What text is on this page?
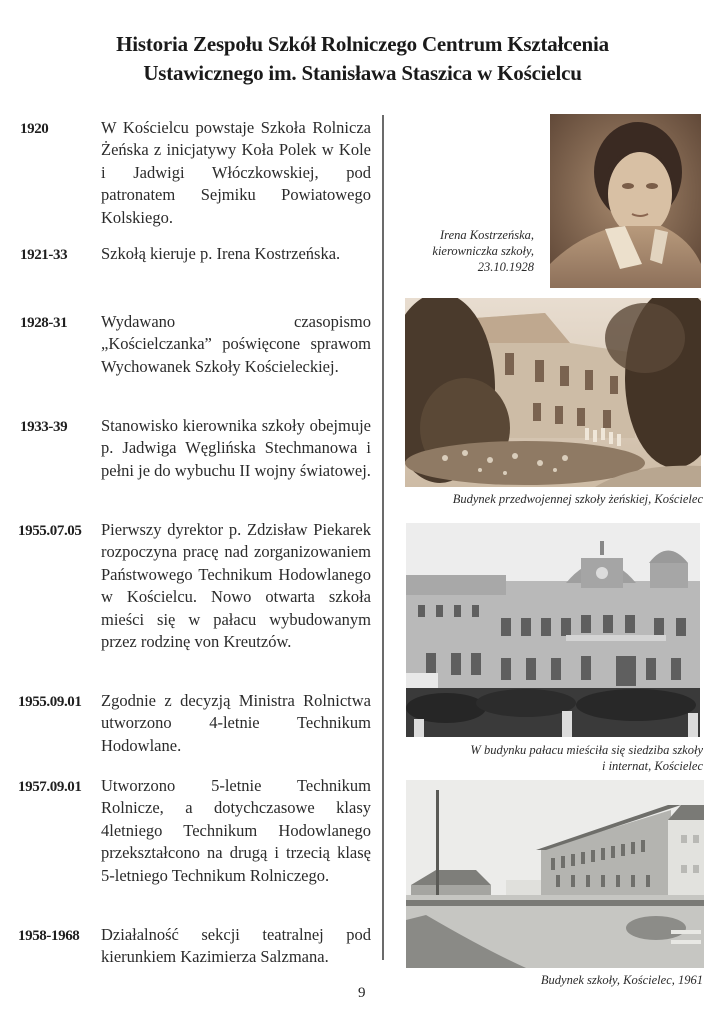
Historia Zespołu Szkół Rolniczego Centrum Kształcenia
Ustawicznego im. Stanisława Staszica w Kościelcu
1920	W Kościelcu powstaje Szkoła Rolnicza Żeńska z inicjatywy Koła Polek w Kole i Jadwigi Włóczkowskiej, pod patronatem Sejmiku Powiatowego Kolskiego.
1921-33 Szkołą kieruje p. Irena Kostrzeńska.
1928-31 Wydawano czasopismo „Kościelczanka” poświęcone sprawom Wychowanek Szkoły Kościeleckiej.
1933-39 Stanowisko kierownika szkoły obejmuje p. Jadwiga Węglińska Stechmanowa i pełni je do wybuchu II wojny światowej.
1955.07.05 Pierwszy dyrektor p. Zdzisław Piekarek rozpoczyna pracę nad zorganizowaniem Państwowego Technikum Hodowlanego w Kościelcu. Nowo otwarta szkoła mieści się w pałacu wybudowanym przez rodzinę von Kreutzów.
1955.09.01 Zgodnie z decyzją Ministra Rolnictwa utworzono 4-letnie Technikum Hodowlane.
1957.09.01 Utworzono 5-letnie Technikum Rolnicze, a dotychczasowe klasy 4letniego Technikum Hodowlanego przekształcono na drugą i trzecią klasę 5-letniego Technikum Rolniczego.
1958-1968 Działalność sekcji teatralnej pod kierunkiem Kazimierza Salzmana.
Irena Kostrzeńska,
kierowniczka szkoły,
23.10.1928
Budynek przedwojennej szkoły żeńskiej, Kościelec
W budynku pałacu mieściła się siedziba szkoły
i internat, Kościelec
Budynek szkoły, Kościelec, 1961
9
